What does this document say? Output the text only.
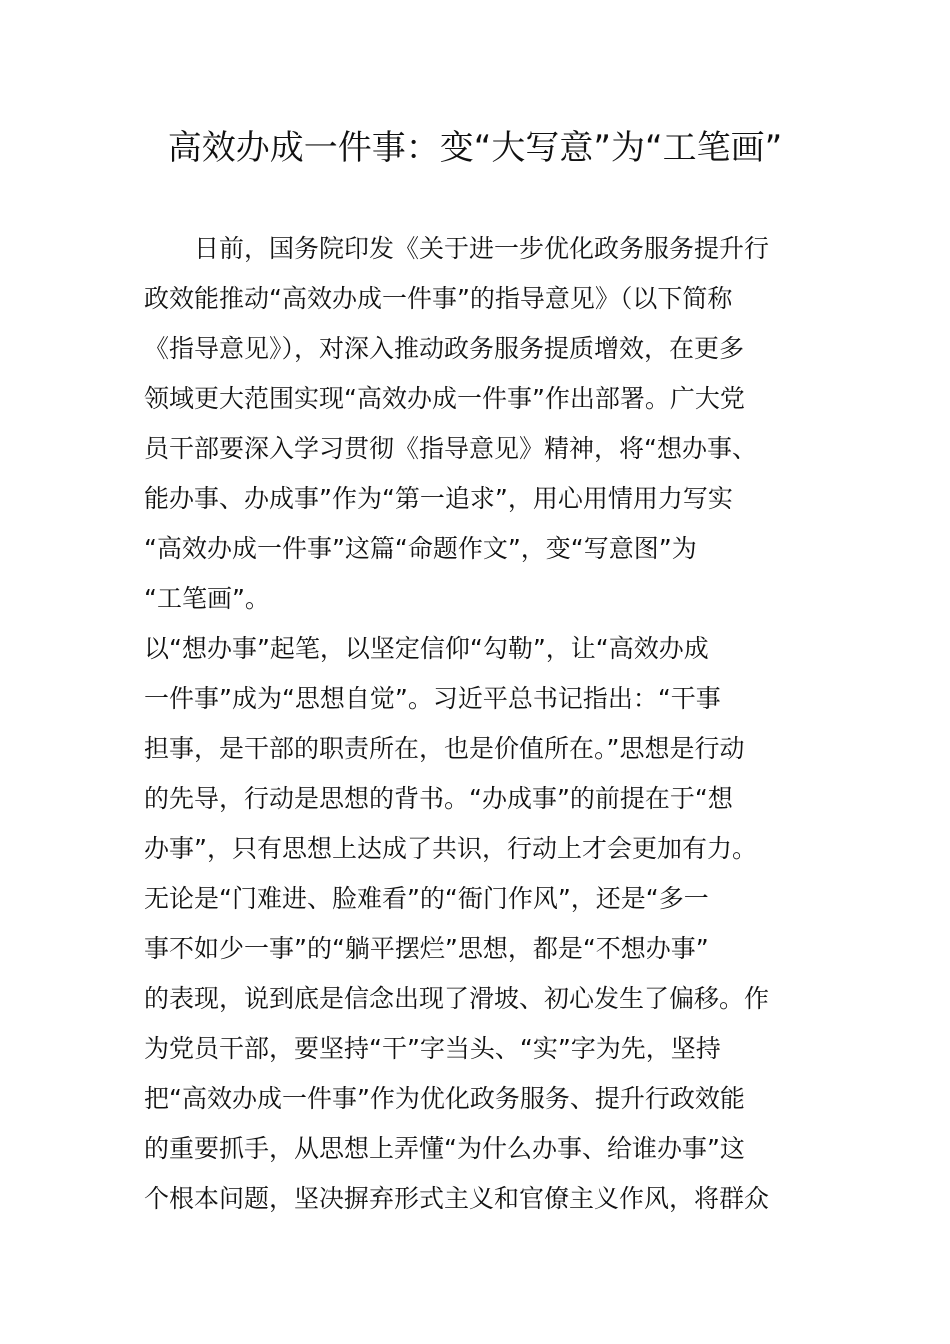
高效办成一件事：变“大写意”为“工笔画”

　　日前，国务院印发《关于进一步优化政务服务提升行

政效能推动“高效办成一件事”的指导意见》（以下简称

《指导意见》），对深入推动政务服务提质增效，在更多

领域更大范围实现“高效办成一件事”作出部署。广大党

员干部要深入学习贯彻《指导意见》精神，将“想办事、

能办事、办成事”作为“第一追求”，用心用情用力写实

“高效办成一件事”这篇“命题作文”，变“写意图”为

“工笔画”。

以“想办事”起笔，以坚定信仰“勾勒”，让“高效办成

一件事”成为“思想自觉”。习近平总书记指出：“干事

担事，是干部的职责所在，也是价值所在。”思想是行动

的先导，行动是思想的背书。“办成事”的前提在于“想

办事”，只有思想上达成了共识，行动上才会更加有力。

无论是“门难进、脸难看”的“衙门作风”，还是“多一

事不如少一事”的“躺平摆烂”思想，都是“不想办事”

的表现，说到底是信念出现了滑坡、初心发生了偏移。作

为党员干部，要坚持“干”字当头、“实”字为先，坚持

把“高效办成一件事”作为优化政务服务、提升行政效能

的重要抓手，从思想上弄懂“为什么办事、给谁办事”这

个根本问题，坚决摒弃形式主义和官僚主义作风，将群众
